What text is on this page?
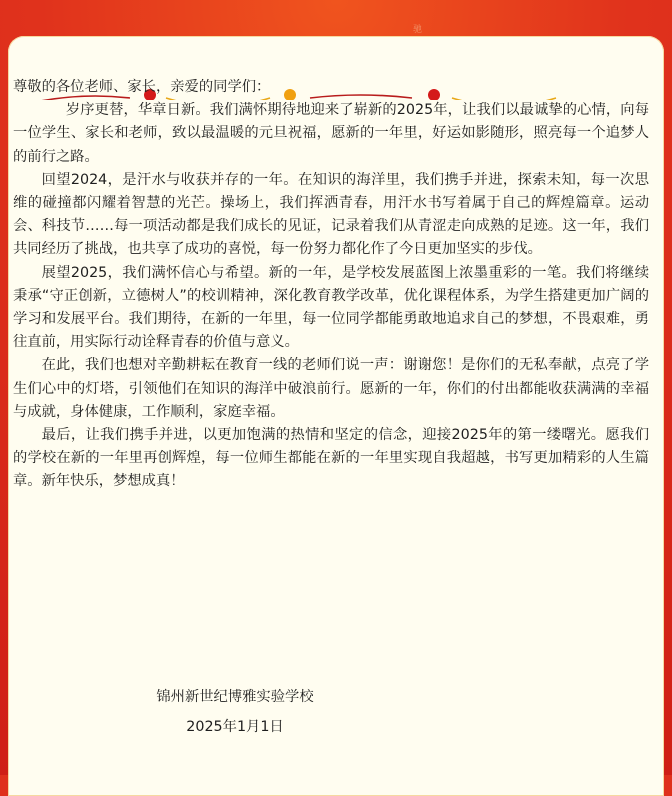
驰

尊敬的各位老师、家长，亲爱的同学们：

岁序更替，华章日新。我们满怀期待地迎来了崭新的2025年，让我们以最诚挚的心情，向每一位学生、家长和老师，致以最温暖的元旦祝福，愿新的一年里，好运如影随形，照亮每一个追梦人的前行之路。

回望2024，是汗水与收获并存的一年。在知识的海洋里，我们携手并进，探索未知，每一次思维的碰撞都闪耀着智慧的光芒。操场上，我们挥洒青春，用汗水书写着属于自己的辉煌篇章。运动会、科技节……每一项活动都是我们成长的见证，记录着我们从青涩走向成熟的足迹。这一年，我们共同经历了挑战，也共享了成功的喜悦，每一份努力都化作了今日更加坚实的步伐。

展望2025，我们满怀信心与希望。新的一年，是学校发展蓝图上浓墨重彩的一笔。我们将继续秉承“守正创新，立德树人”的校训精神，深化教育教学改革，优化课程体系，为学生搭建更加广阔的学习和发展平台。我们期待，在新的一年里，每一位同学都能勇敢地追求自己的梦想，不畏艰难，勇往直前，用实际行动诠释青春的价值与意义。

在此，我们也想对辛勤耕耘在教育一线的老师们说一声：谢谢您！是你们的无私奉献，点亮了学生们心中的灯塔，引领他们在知识的海洋中破浪前行。愿新的一年，你们的付出都能收获满满的幸福与成就，身体健康，工作顺利，家庭幸福。

最后，让我们携手并进，以更加饱满的热情和坚定的信念，迎接2025年的第一缕曙光。愿我们的学校在新的一年里再创辉煌，每一位师生都能在新的一年里实现自我超越，书写更加精彩的人生篇章。新年快乐，梦想成真！

锦州新世纪博雅实验学校
2025年1月1日
